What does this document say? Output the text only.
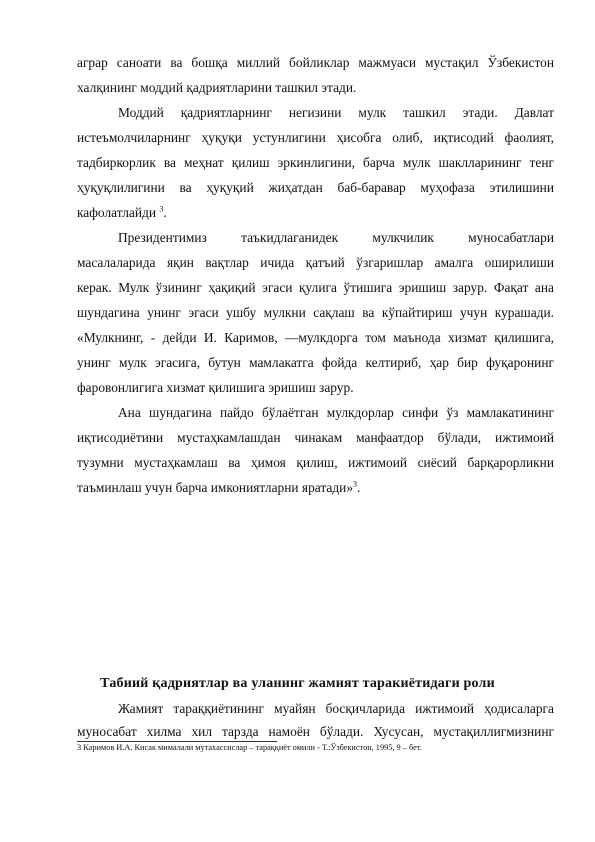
аграр саноати ва бошқа миллий бойликлар мажмуаси мустақил Ўзбекистон
халқининг моддий қадриятларини ташкил этади.
Моддий қадриятларнинг негизини мулк ташкил этади. Давлат
истеъмолчиларнинг ҳуқуқи устунлигини ҳисобга олиб, иқтисодий фаолият,
тадбиркорлик ва меҳнат қилиш эркинлигини, барча мулк шаклларининг тенг
ҳуқуқлилигини ва ҳуқуқий жиҳатдан баб-баравар муҳофаза этилишини
кафолатлайди $^3$.
Президентимиз таъкидлаганидек мулкчилик муносабатлари
масалаларида яқин вақтлар ичида қатъий ўзгаришлар амалга оширилиши
керак. Мулк ўзининг ҳақиқий эгаси қулига ўтишига эришиш зарур. Фақат ана
шундагина унинг эгаси ушбу мулкни сақлаш ва кўпайтириш учун курашади.
«Мулкнинг, - дейди И. Каримов, —мулкдорга том маънода хизмат қилишига,
унинг мулк эгасига, бутун мамлакатга фойда келтириб, ҳар бир фуқаронинг
фаровонлигига хизмат қилишига эришиш зарур.
Ана шундагина пайдо бўлаётган мулкдорлар синфи ўз мамлакатининг
иқтисодиётини мустаҳкамлашдан чинакам манфаатдор бўлади, ижтимоий
тузумни мустаҳкамлаш ва ҳимоя қилиш, ижтимоий сиёсий барқарорликни
таъминлаш учун барча имкониятларни яратади»$^3$.
Табиий қадриятлар ва уланинг жамият таракиётидаги роли
Жамият тараққиётининг муайян босқичларида ижтимоий ҳодисаларга
муносабат хилма хил тарзда намоён бўлади. Хусусан, мустақиллигмизнинг
3 Каримов И.А. Кисак мималали мутахассислар – тараққиёт омили - Т.:Ўзбекистон, 1995, 9 – бет.
